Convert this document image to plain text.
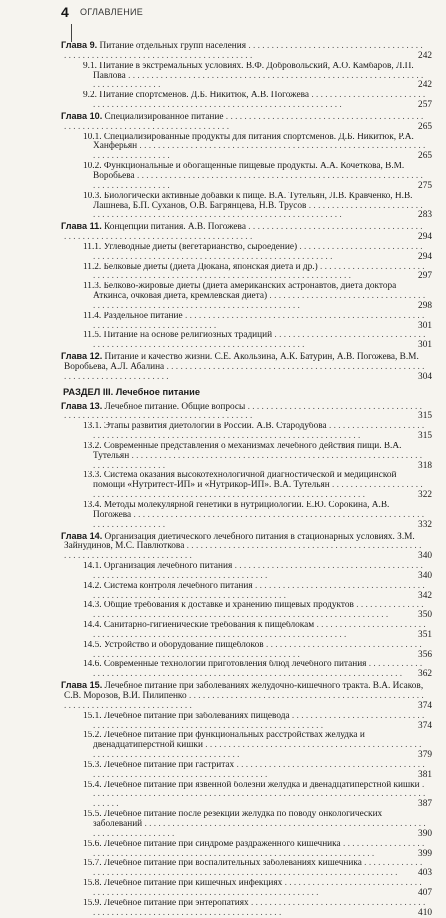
4 ОГЛАВЛЕНИЕ
Глава 9. Питание отдельных групп населения . . .
242
9.1. Питание в экстремальных условиях. В.Ф. Добровольский, А.О. Камбаров, Л.П. Павлова . . .
242
9.2. Питание спортсменов. Д.Б. Никитюк, А.В. Погожева . . .
257
Глава 10. Специализированное питание . . .
265
10.1. Специализированные продукты для питания спортсменов. Д.Б. Никитюк, Р.А. Ханферьян . . .
265
10.2. Функциональные и обогащенные пищевые продукты. А.А. Кочеткова, В.М. Воробьева . . .
275
10.3. Биологически активные добавки к пище. В.А. Тутельян, Л.В. Кравченко, Н.В. Лашнева, Б.П. Суханов, О.В. Багрянцева, Н.В. Трусов . . .
283
Глава 11. Концепции питания. А.В. Погожева . . .
294
11.1. Углеводные диеты (вегетарианство, сыроедение) . . .
294
11.2. Белковые диеты (диета Дюкана, японская диета и др.) . . .
297
11.3. Белково-жировые диеты (диета американских астронавтов, диета доктора Аткинса, очковая диета, кремлевская диета) . . .
298
11.4. Раздельное питание . . .
301
11.5. Питание на основе религиозных традиций . . .
301
Глава 12. Питание и качество жизни. С.Е. Акользина, А.К. Батурин, А.В. Погожева, В.М. Воробьева, А.Л. Абалина . . .
304
РАЗДЕЛ III. Лечебное питание
Глава 13. Лечебное питание. Общие вопросы . . .
315
13.1. Этапы развития диетологии в России. А.В. Стародубова . . .
315
13.2. Современные представления о механизмах лечебного действия пищи. В.А. Тутельян . . .
318
13.3. Система оказания высокотехнологичной диагностической и медицинской помощи «Нутритест-ИП» и «Нутрикор-ИП». В.А. Тутельян . . .
322
13.4. Методы молекулярной генетики в нутрициологии. Е.Ю. Сорокина, А.В. Погожева . . .
332
Глава 14. Организация диетического лечебного питания в стационарных условиях. З.М. Зайнудинов, М.С. Павлюткова . . .
340
14.1. Организация лечебного питания . . .
340
14.2. Система контроля лечебного питания . . .
342
14.3. Общие требования к доставке и хранению пищевых продуктов . . .
350
14.4. Санитарно-гигиенические требования к пищеблокам . . .
351
14.5. Устройство и оборудование пищеблоков . . .
356
14.6. Современные технологии приготовления блюд лечебного питания . . .
362
Глава 15. Лечебное питание при заболеваниях желудочно-кишечного тракта. В.А. Исаков, С.В. Морозов, В.И. Пилипенко . . .
374
15.1. Лечебное питание при заболеваниях пищевода . . .
374
15.2. Лечебное питание при функциональных расстройствах желудка и двенадцатиперстной кишки . . .
379
15.3. Лечебное питание при гастритах . . .
381
15.4. Лечебное питание при язвенной болезни желудка и двенадцатиперстной кишки . . .
387
15.5. Лечебное питание после резекции желудка по поводу онкологических заболеваний . . .
390
15.6. Лечебное питание при синдроме раздраженного кишечника . . .
399
15.7. Лечебное питание при воспалительных заболеваниях кишечника . . .
403
15.8. Лечебное питание при кишечных инфекциях . . .
407
15.9. Лечебное питание при энтеропатиях . . .
410
